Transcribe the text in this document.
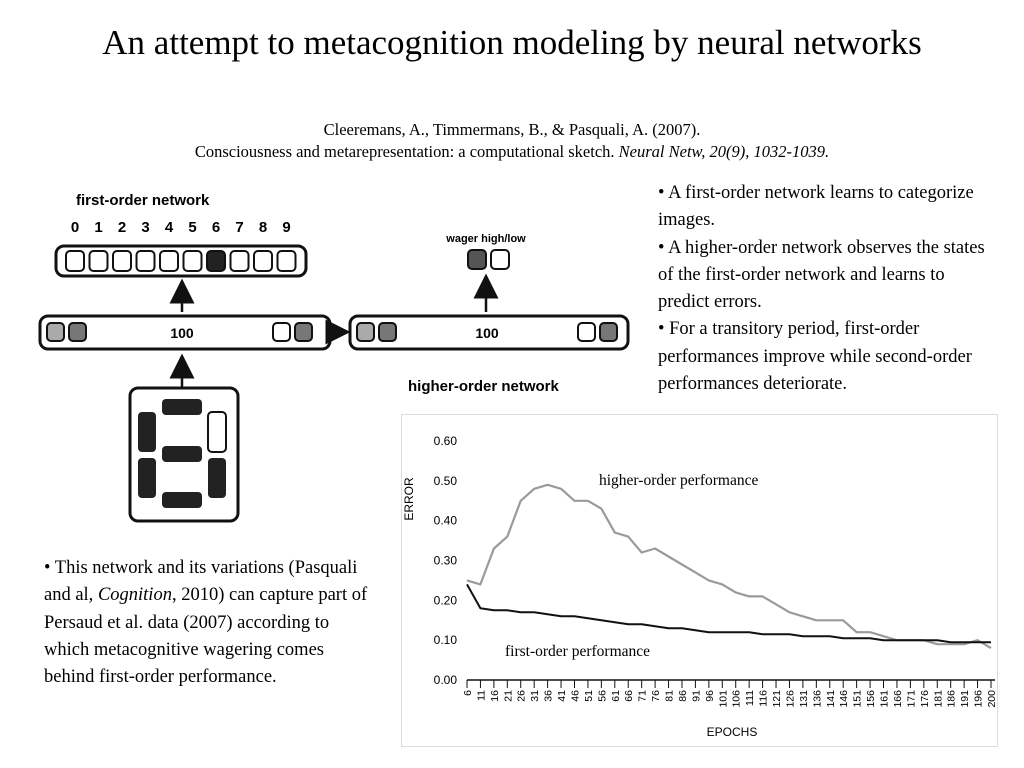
An attempt to metacognition modeling by neural networks
Cleeremans, A., Timmermans, B., & Pasquali, A. (2007).
Consciousness and metarepresentation: a computational sketch. Neural Netw, 20(9), 1032-1039.

• A first-order network learns to categorize images.

• A higher-order network observes the states of the first-order network and learns to predict errors.

• For a transitory period, first-order performances improve while second-order performances deteriorate.

• This network and its variations (Pasquali and al, Cognition, 2010) can capture part of Persaud et al. data (2007) according to which metacognitive wagering comes behind first-order performance.

first-order network
0 1 2 3 4 5 6 7 8 9
100	100
wager high/low
higher-order network
ERROR
EPOCHS
0.00
0.10
0.20
0.30
0.40
0.50
0.60
6 11 16 21 26 31 36 41 46 51 56 61 66 71 76 81 86 91 96 101 106 111 116 121 126 131 136 141 146 151 156 161 166 171 176 181 186 191 196 200
higher-order performance
first-order performance
